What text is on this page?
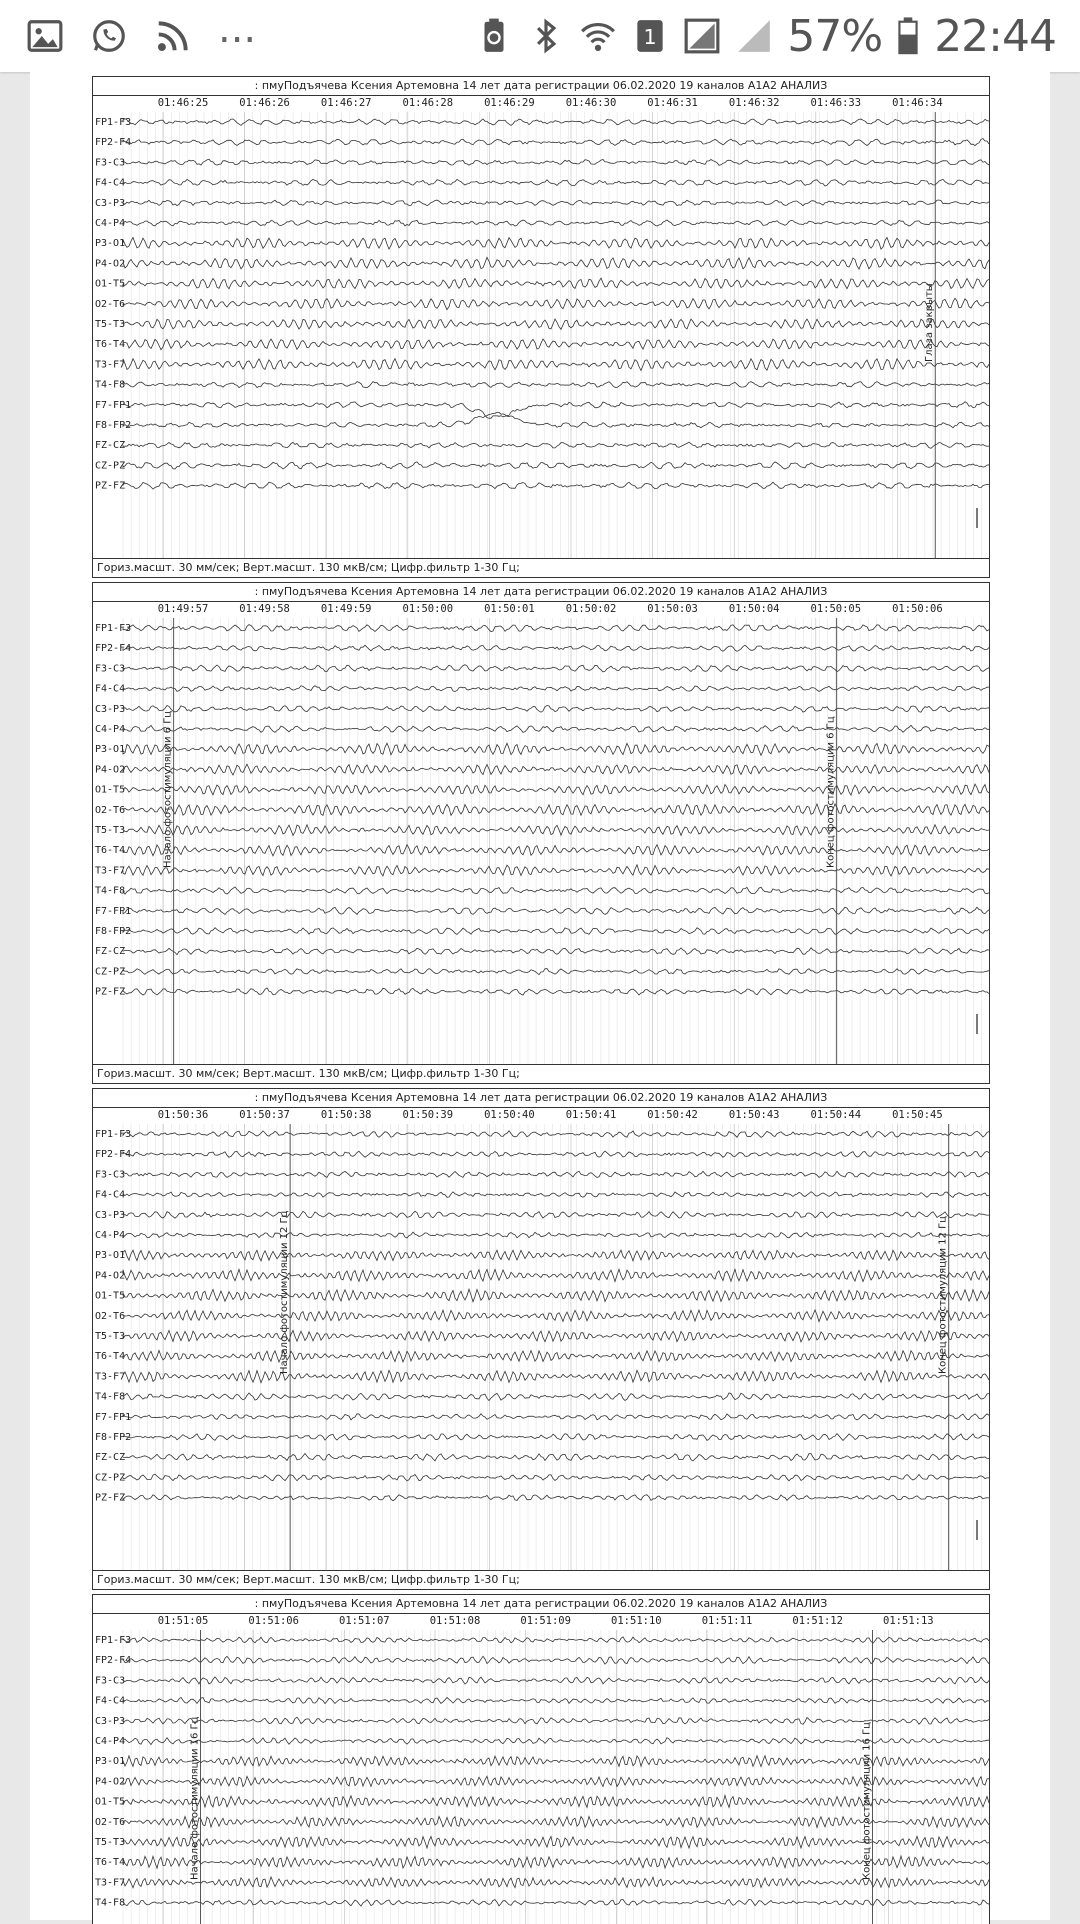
...	1	57% 22:44
: пмуПодъячева Ксения Артемовна 14 лет дата регистрации 06.02.2020 19 каналов A1A2 АНАЛИЗ
01:46:25	01:46:26	01:46:27	01:46:28	01:46:29	01:46:30	01:46:31	01:46:32	01:46:33	01:46:34
FP1-F3
FP2-F4
F3-C3
F4-C4
C3-P3
C4-P4
P3-O1
P4-O2
O1-T5
O2-T6
T5-T3
T6-T4
T3-F7
T4-F8
F7-FP1
F8-FP2
FZ-CZ
CZ-PZ
PZ-FZ
Глаза закрыты
Гориз.масшт. 30 мм/сек; Верт.масшт. 130 мкВ/см; Цифр.фильтр 1-30 Гц;
: пмуПодъячева Ксения Артемовна 14 лет дата регистрации 06.02.2020 19 каналов A1A2 АНАЛИЗ
01:49:57	01:49:58	01:49:59	01:50:00	01:50:01	01:50:02	01:50:03	01:50:04	01:50:05	01:50:06
FP1-F3
FP2-F4
F3-C3
F4-C4
C3-P3
C4-P4
P3-O1
P4-O2
O1-T5
O2-T6
T5-T3
T6-T4
T3-F7
T4-F8
F7-FP1
F8-FP2
FZ-CZ
CZ-PZ
PZ-FZ
Начало фотостимуляции 6 Гц	Конец фотостимуляции 6 Гц
Гориз.масшт. 30 мм/сек; Верт.масшт. 130 мкВ/см; Цифр.фильтр 1-30 Гц;
: пмуПодъячева Ксения Артемовна 14 лет дата регистрации 06.02.2020 19 каналов A1A2 АНАЛИЗ
01:50:36	01:50:37	01:50:38	01:50:39	01:50:40	01:50:41	01:50:42	01:50:43	01:50:44	01:50:45
FP1-F3
FP2-F4
F3-C3
F4-C4
C3-P3
C4-P4
P3-O1
P4-O2
O1-T5
O2-T6
T5-T3
T6-T4
T3-F7
T4-F8
F7-FP1
F8-FP2
FZ-CZ
CZ-PZ
PZ-FZ
Начало фотостимуляции 12 Гц	Конец фотостимуляции 12 Гц
Гориз.масшт. 30 мм/сек; Верт.масшт. 130 мкВ/см; Цифр.фильтр 1-30 Гц;
: пмуПодъячева Ксения Артемовна 14 лет дата регистрации 06.02.2020 19 каналов A1A2 АНАЛИЗ
01:51:05	01:51:06	01:51:07	01:51:08	01:51:09	01:51:10	01:51:11	01:51:12	01:51:13
FP1-F3
FP2-F4
F3-C3
F4-C4
C3-P3
C4-P4
P3-O1
P4-O2
O1-T5
O2-T6
T5-T3
T6-T4
T3-F7
T4-F8
Начало фотостимуляции 16 Гц	Конец фотостимуляции 16 Гц
